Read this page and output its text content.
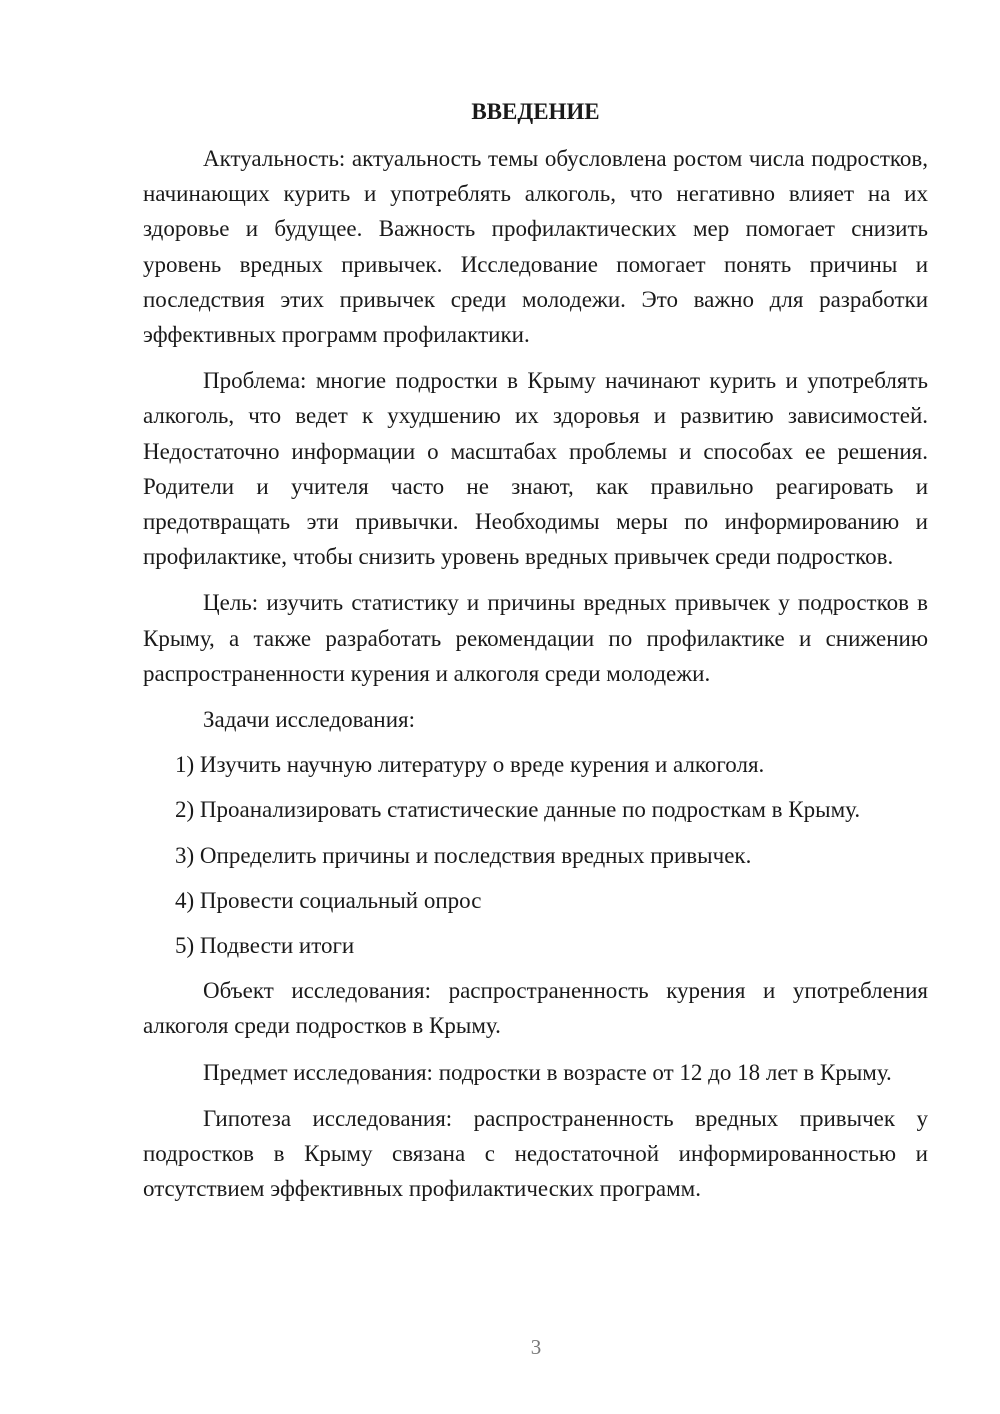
ВВЕДЕНИЕ

Актуальность: актуальность темы обусловлена ростом числа подростков, начинающих курить и употреблять алкоголь, что негативно влияет на их здоровье и будущее. Важность профилактических мер помогает снизить уровень вредных привычек. Исследование помогает понять причины и последствия этих привычек среди молодежи. Это важно для разработки эффективных программ профилактики.

Проблема: многие подростки в Крыму начинают курить и употреблять алкоголь, что ведет к ухудшению их здоровья и развитию зависимостей. Недостаточно информации о масштабах проблемы и способах ее решения. Родители и учителя часто не знают, как правильно реагировать и предотвращать эти привычки. Необходимы меры по информированию и профилактике, чтобы снизить уровень вредных привычек среди подростков.

Цель: изучить статистику и причины вредных привычек у подростков в Крыму, а также разработать рекомендации по профилактике и снижению распространенности курения и алкоголя среди молодежи.

Задачи исследования:

1) Изучить научную литературу о вреде курения и алкоголя.
2) Проанализировать статистические данные по подросткам в Крыму.
3) Определить причины и последствия вредных привычек.
4) Провести социальный опрос
5) Подвести итоги

Объект исследования: распространенность курения и употребления алкоголя среди подростков в Крыму.

Предмет исследования: подростки в возрасте от 12 до 18 лет в Крыму.

Гипотеза исследования: распространенность вредных привычек у подростков в Крыму связана с недостаточной информированностью и отсутствием эффективных профилактических программ.

3
